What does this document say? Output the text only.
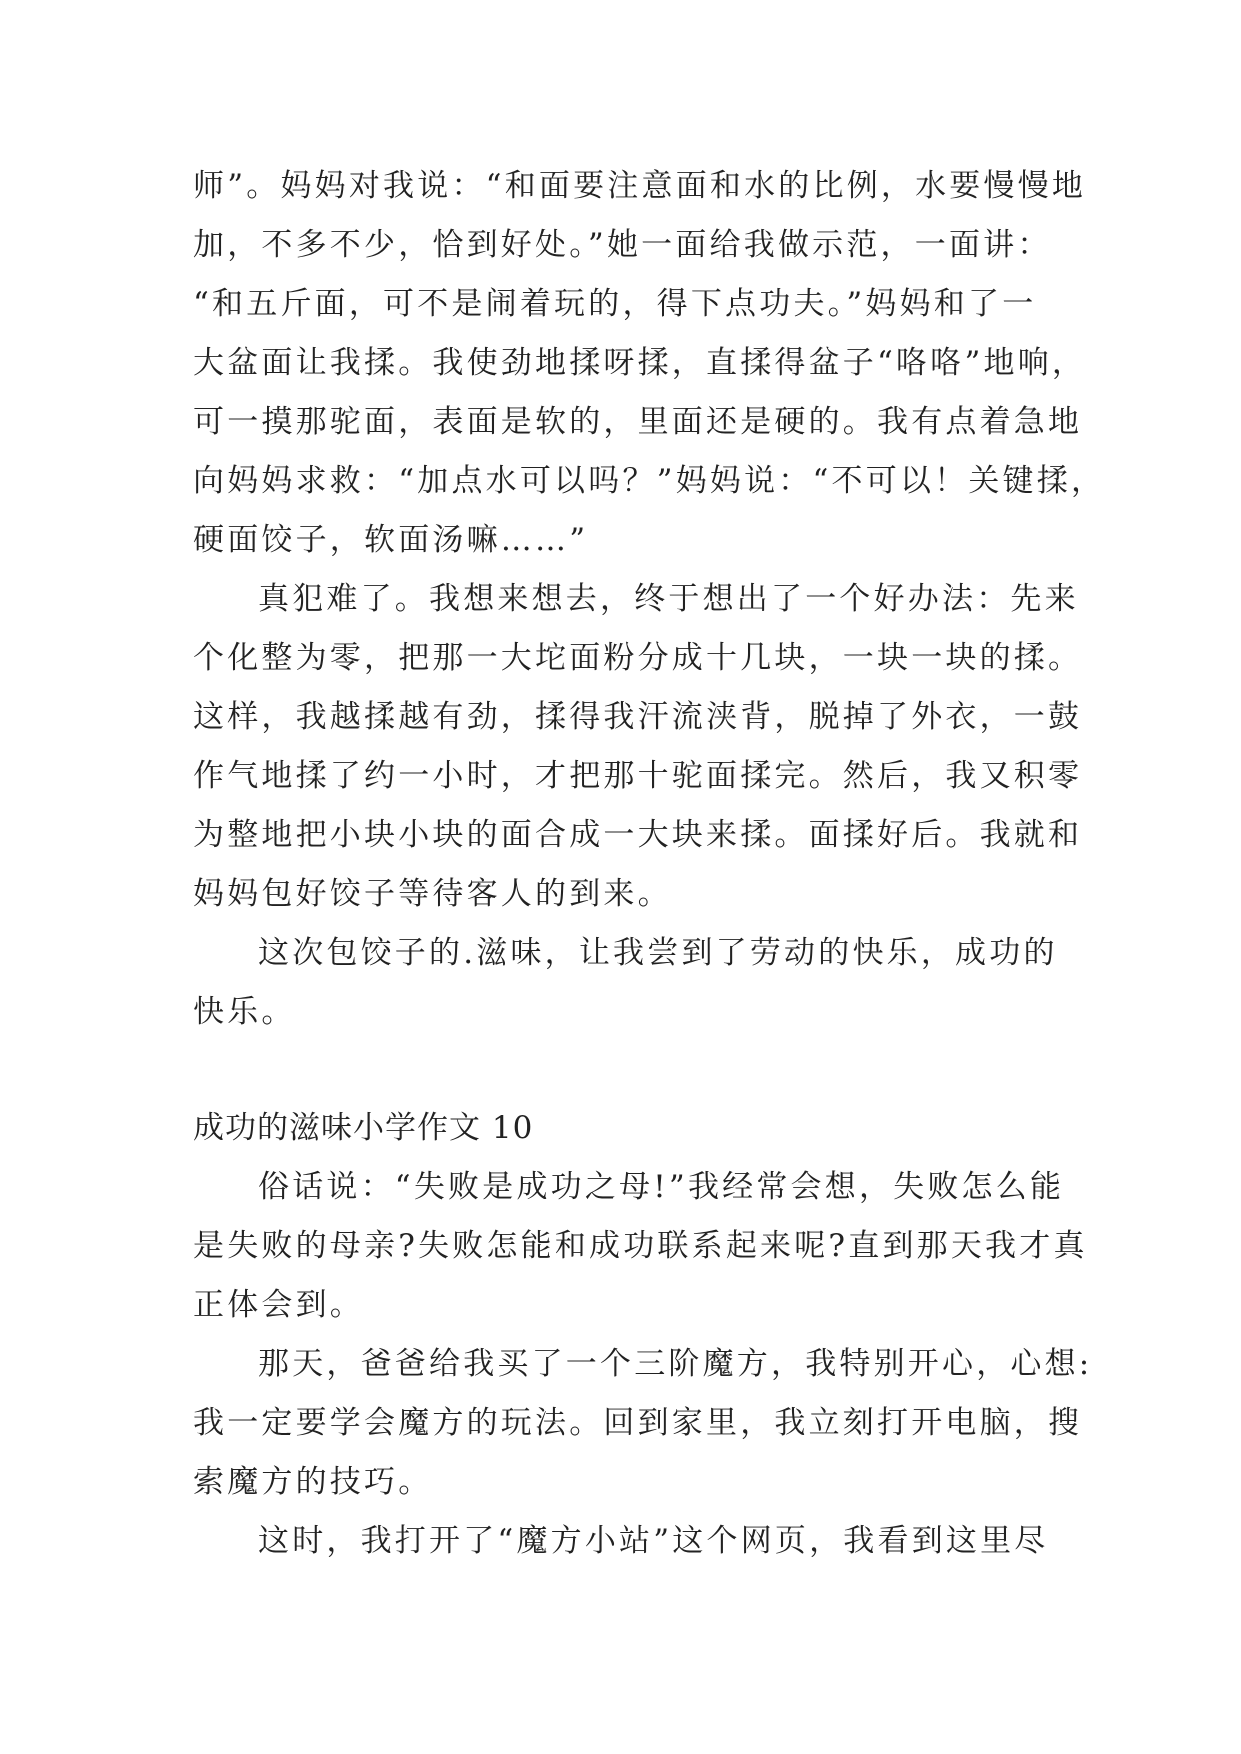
师”。妈妈对我说：“和面要注意面和水的比例，水要慢慢地
加，不多不少，恰到好处。”她一面给我做示范，一面讲：
“和五斤面，可不是闹着玩的，得下点功夫。”妈妈和了一
大盆面让我揉。我使劲地揉呀揉，直揉得盆子“咯咯”地响，
可一摸那驼面，表面是软的，里面还是硬的。我有点着急地
向妈妈求救：“加点水可以吗？”妈妈说：“不可以！关键揉，
硬面饺子，软面汤嘛……”
真犯难了。我想来想去，终于想出了一个好办法：先来
个化整为零，把那一大坨面粉分成十几块，一块一块的揉。
这样，我越揉越有劲，揉得我汗流浃背，脱掉了外衣，一鼓
作气地揉了约一小时，才把那十驼面揉完。然后，我又积零
为整地把小块小块的面合成一大块来揉。面揉好后。我就和
妈妈包好饺子等待客人的到来。
这次包饺子的.滋味，让我尝到了劳动的快乐，成功的
快乐。
成功的滋味小学作文 10
俗话说：“失败是成功之母!”我经常会想，失败怎么能
是失败的母亲?失败怎能和成功联系起来呢?直到那天我才真
正体会到。
那天，爸爸给我买了一个三阶魔方，我特别开心，心想:
我一定要学会魔方的玩法。回到家里，我立刻打开电脑，搜
索魔方的技巧。
这时，我打开了“魔方小站”这个网页，我看到这里尽
